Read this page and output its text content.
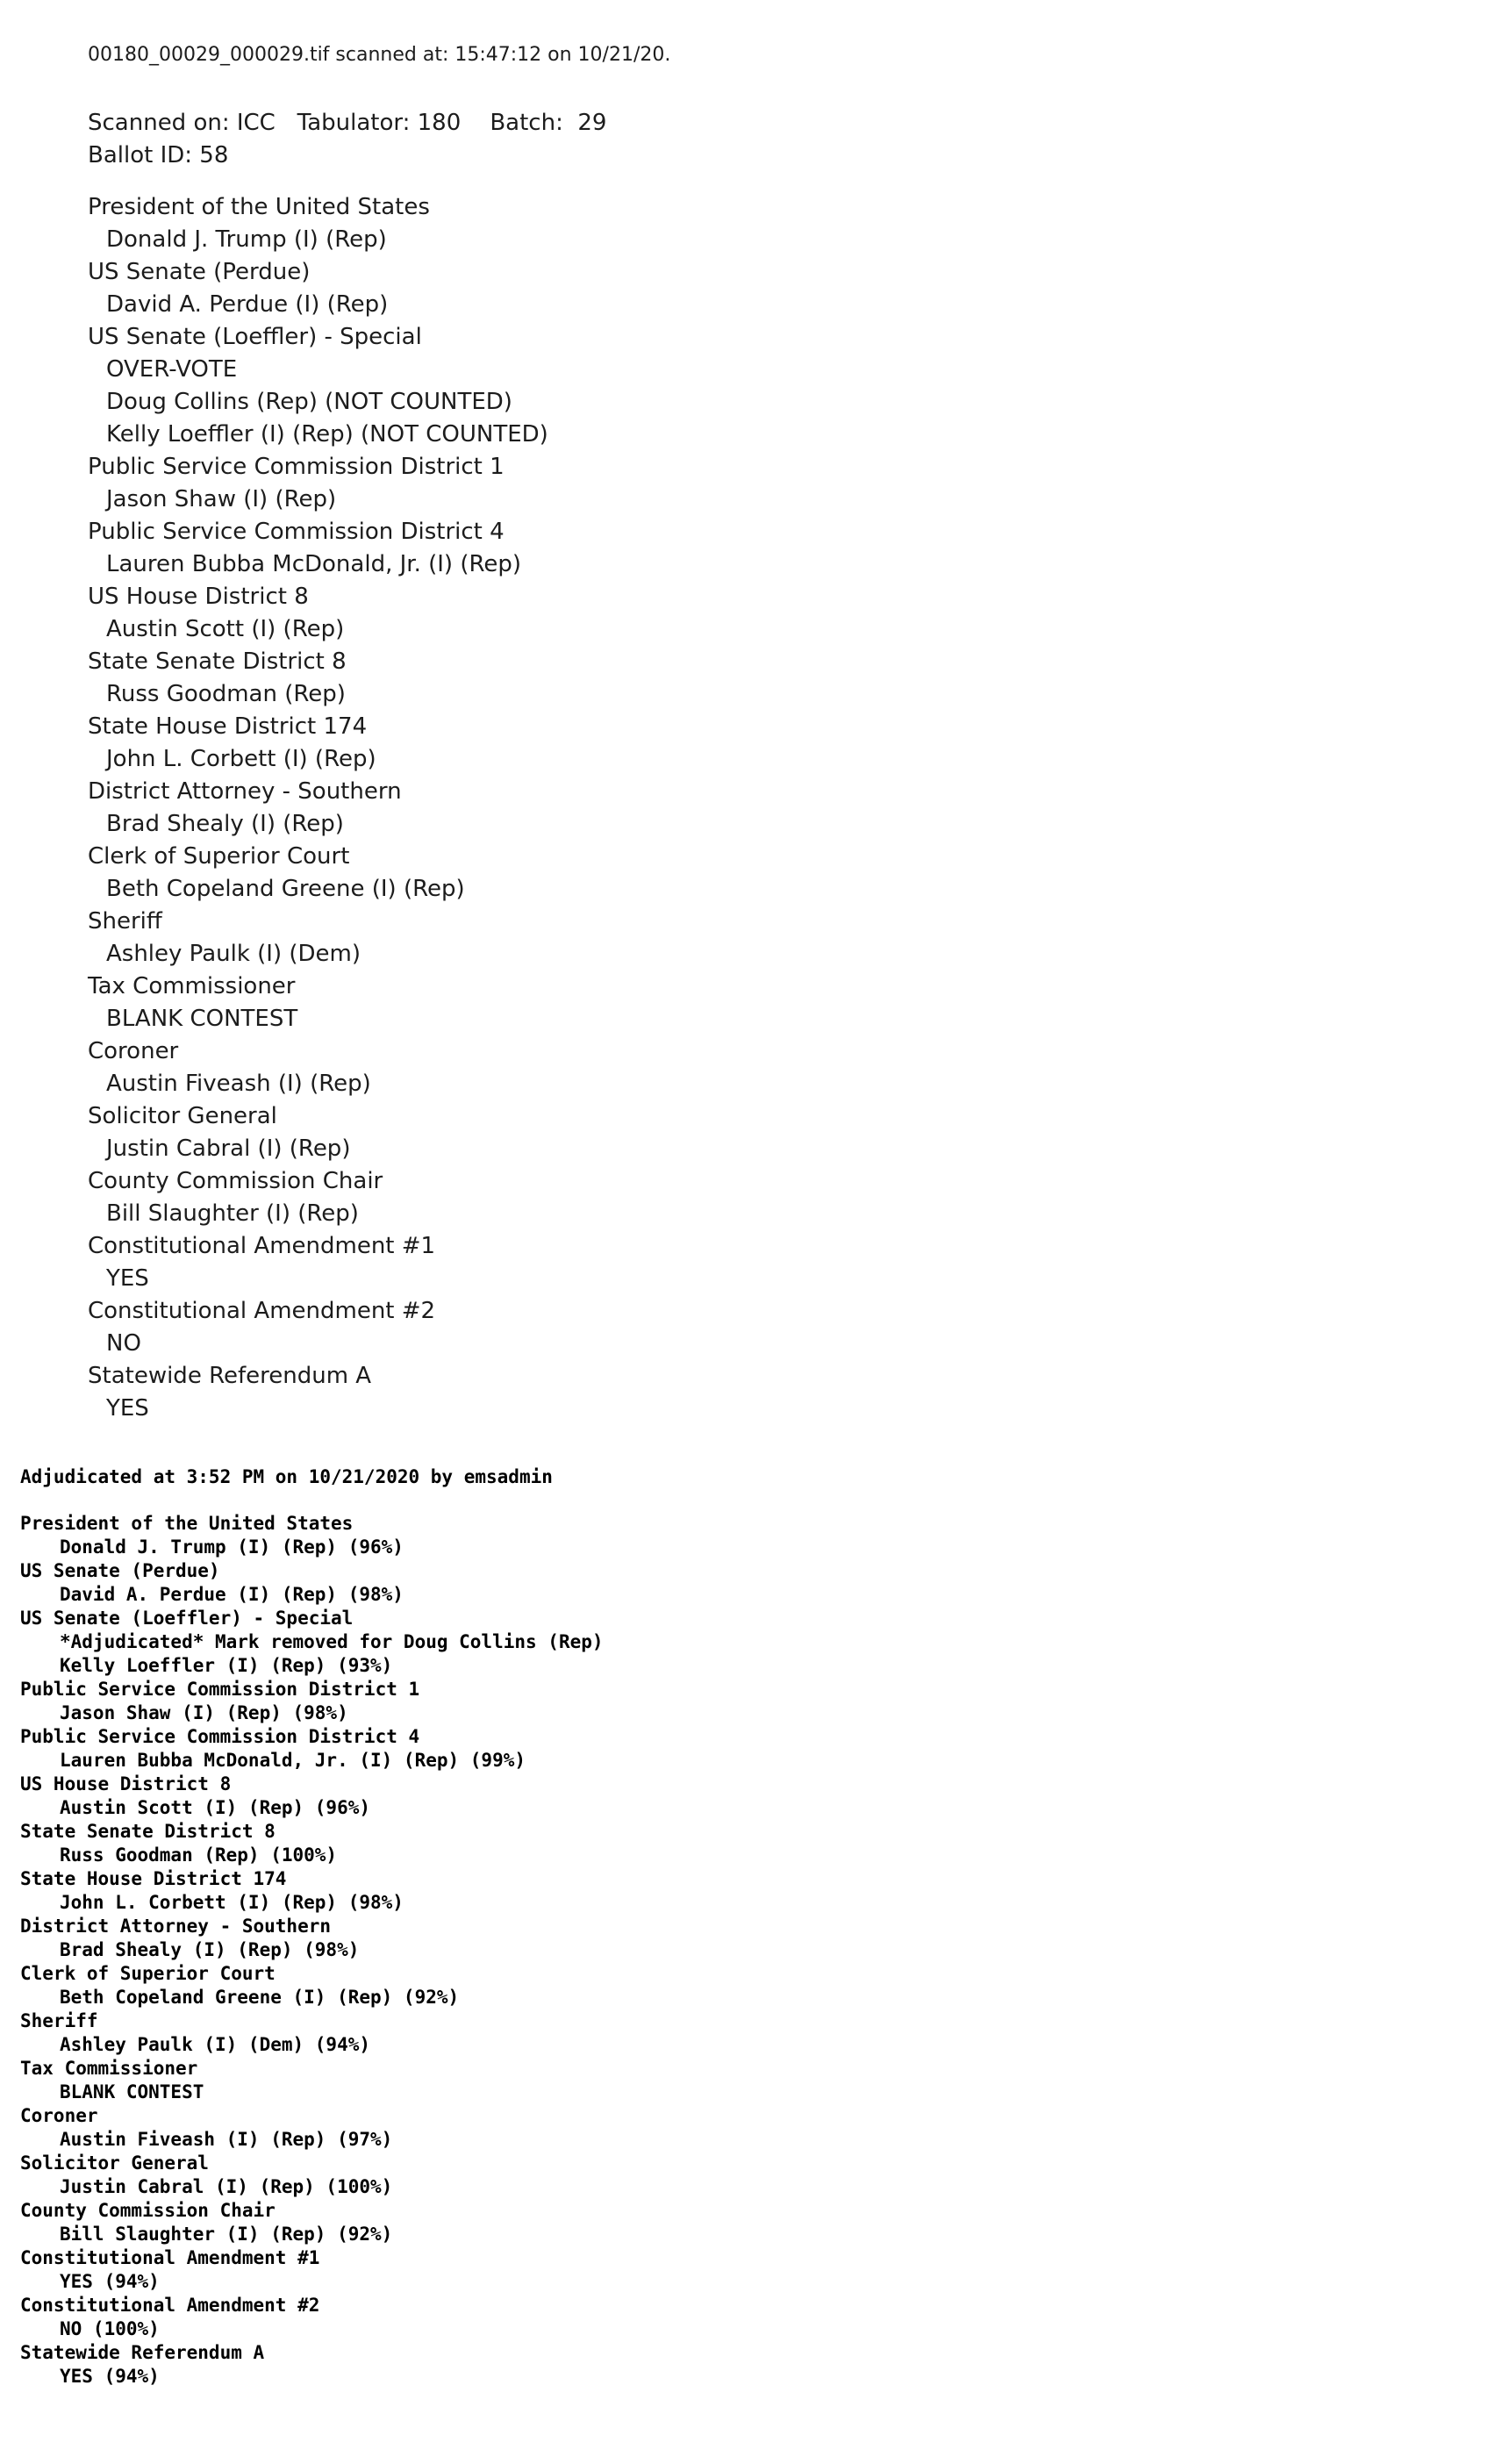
00180_00029_000029.tif scanned at: 15:47:12 on 10/21/20.
Scanned on: ICC   Tabulator: 180    Batch:  29
Ballot ID: 58
President of the United States
Donald J. Trump (I) (Rep)
US Senate (Perdue)
David A. Perdue (I) (Rep)
US Senate (Loeffler) - Special
OVER-VOTE
Doug Collins (Rep) (NOT COUNTED)
Kelly Loeffler (I) (Rep) (NOT COUNTED)
Public Service Commission District 1
Jason Shaw (I) (Rep)
Public Service Commission District 4
Lauren Bubba McDonald, Jr. (I) (Rep)
US House District 8
Austin Scott (I) (Rep)
State Senate District 8
Russ Goodman (Rep)
State House District 174
John L. Corbett (I) (Rep)
District Attorney - Southern
Brad Shealy (I) (Rep)
Clerk of Superior Court
Beth Copeland Greene (I) (Rep)
Sheriff
Ashley Paulk (I) (Dem)
Tax Commissioner
BLANK CONTEST
Coroner
Austin Fiveash (I) (Rep)
Solicitor General
Justin Cabral (I) (Rep)
County Commission Chair
Bill Slaughter (I) (Rep)
Constitutional Amendment #1
YES
Constitutional Amendment #2
NO
Statewide Referendum A
YES
Adjudicated at 3:52 PM on 10/21/2020 by emsadmin
President of the United States
Donald J. Trump (I) (Rep) (96%)
US Senate (Perdue)
David A. Perdue (I) (Rep) (98%)
US Senate (Loeffler) - Special
*Adjudicated* Mark removed for Doug Collins (Rep)
Kelly Loeffler (I) (Rep) (93%)
Public Service Commission District 1
Jason Shaw (I) (Rep) (98%)
Public Service Commission District 4
Lauren Bubba McDonald, Jr. (I) (Rep) (99%)
US House District 8
Austin Scott (I) (Rep) (96%)
State Senate District 8
Russ Goodman (Rep) (100%)
State House District 174
John L. Corbett (I) (Rep) (98%)
District Attorney - Southern
Brad Shealy (I) (Rep) (98%)
Clerk of Superior Court
Beth Copeland Greene (I) (Rep) (92%)
Sheriff
Ashley Paulk (I) (Dem) (94%)
Tax Commissioner
BLANK CONTEST
Coroner
Austin Fiveash (I) (Rep) (97%)
Solicitor General
Justin Cabral (I) (Rep) (100%)
County Commission Chair
Bill Slaughter (I) (Rep) (92%)
Constitutional Amendment #1
YES (94%)
Constitutional Amendment #2
NO (100%)
Statewide Referendum A
YES (94%)
